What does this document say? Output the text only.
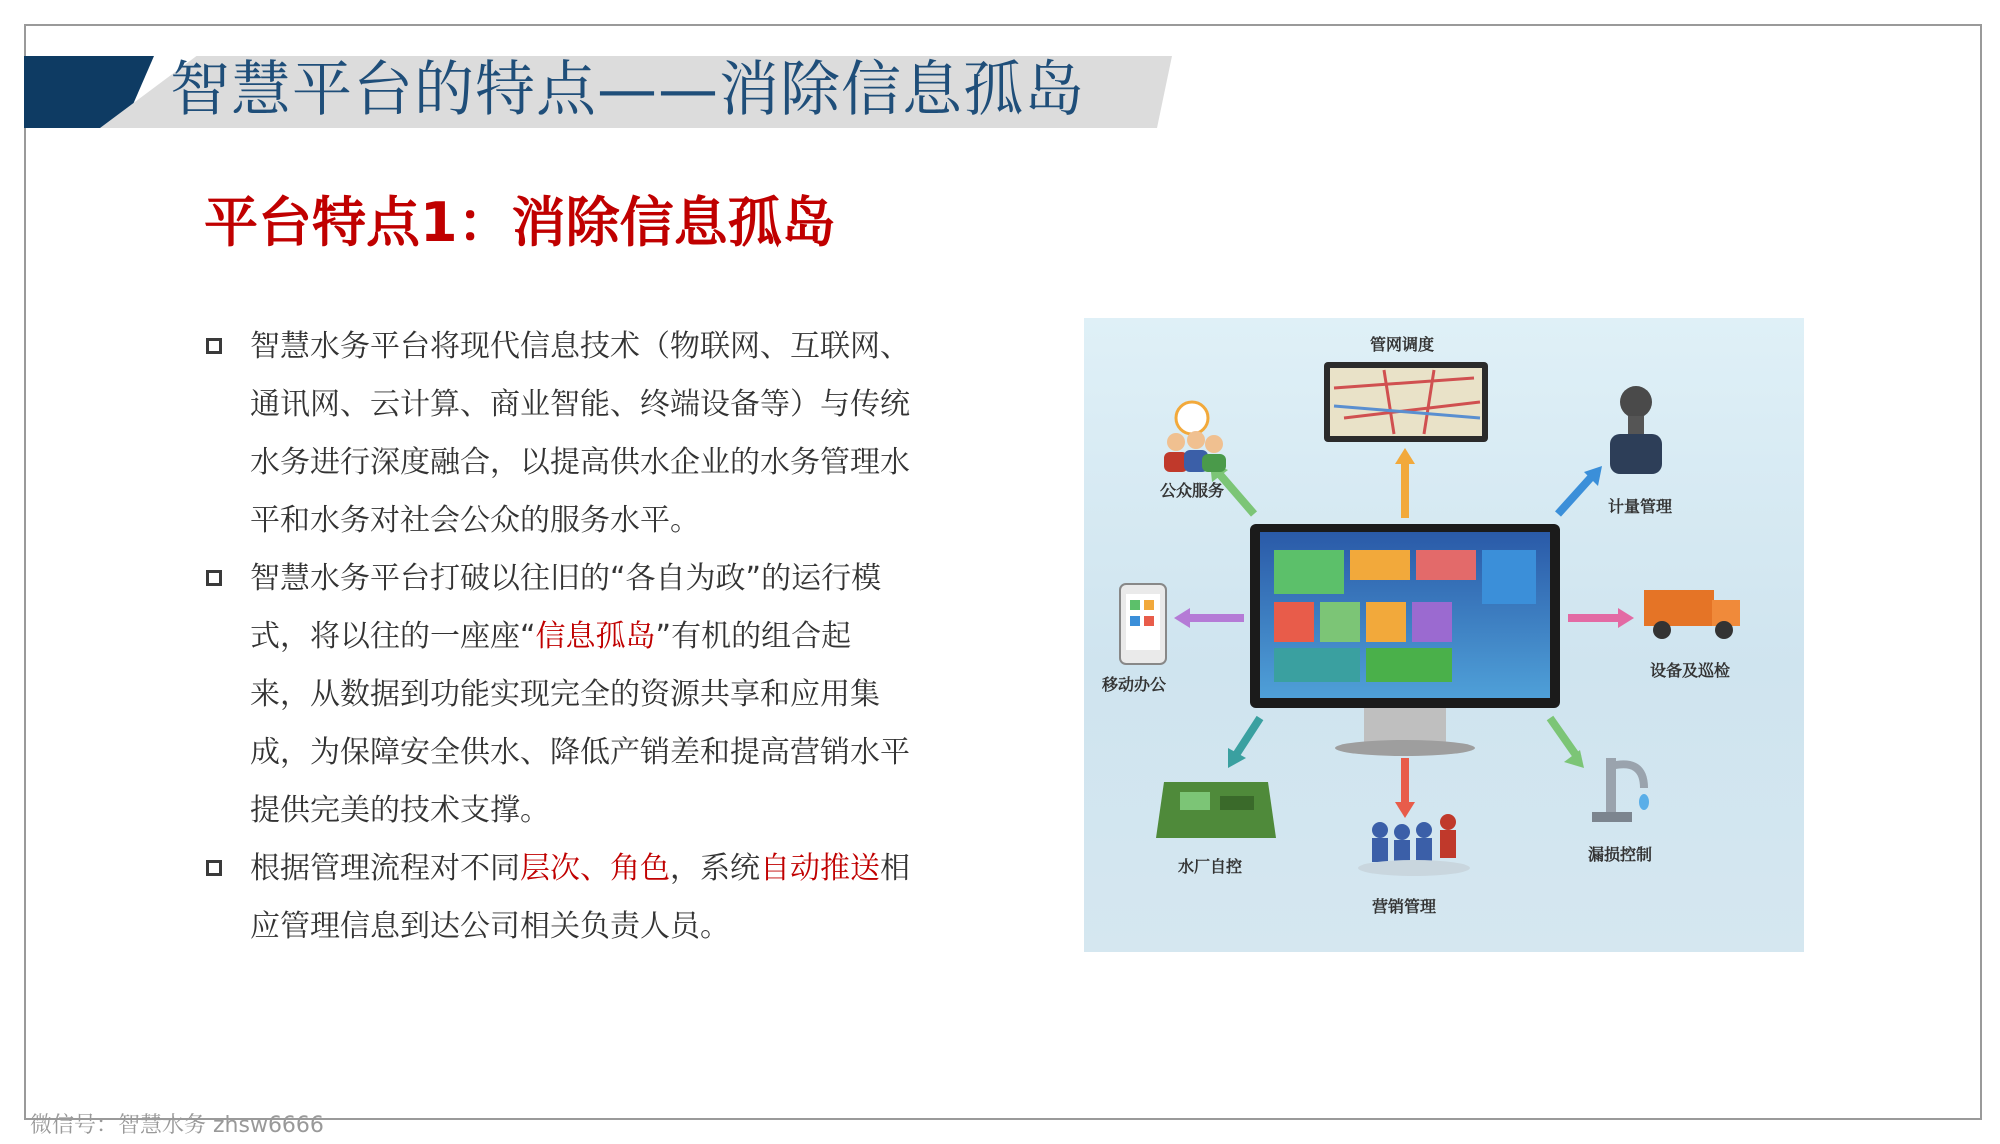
智慧平台的特点——消除信息孤岛
平台特点1：消除信息孤岛
智慧水务平台将现代信息技术（物联网、互联网、
通讯网、云计算、商业智能、终端设备等）与传统
水务进行深度融合，以提高供水企业的水务管理水
平和水务对社会公众的服务水平。
智慧水务平台打破以往旧的“各自为政”的运行模
式，将以往的一座座“信息孤岛”有机的组合起
来，从数据到功能实现完全的资源共享和应用集
成，为保障安全供水、降低产销差和提高营销水平
提供完美的技术支撑。
根据管理流程对不同层次、角色，系统自动推送相
应管理信息到达公司相关负责人员。
管网调度
公众服务
计量管理
移动办公
设备及巡检
水厂自控
营销管理
漏损控制
微信号：智慧水务 zhsw6666
